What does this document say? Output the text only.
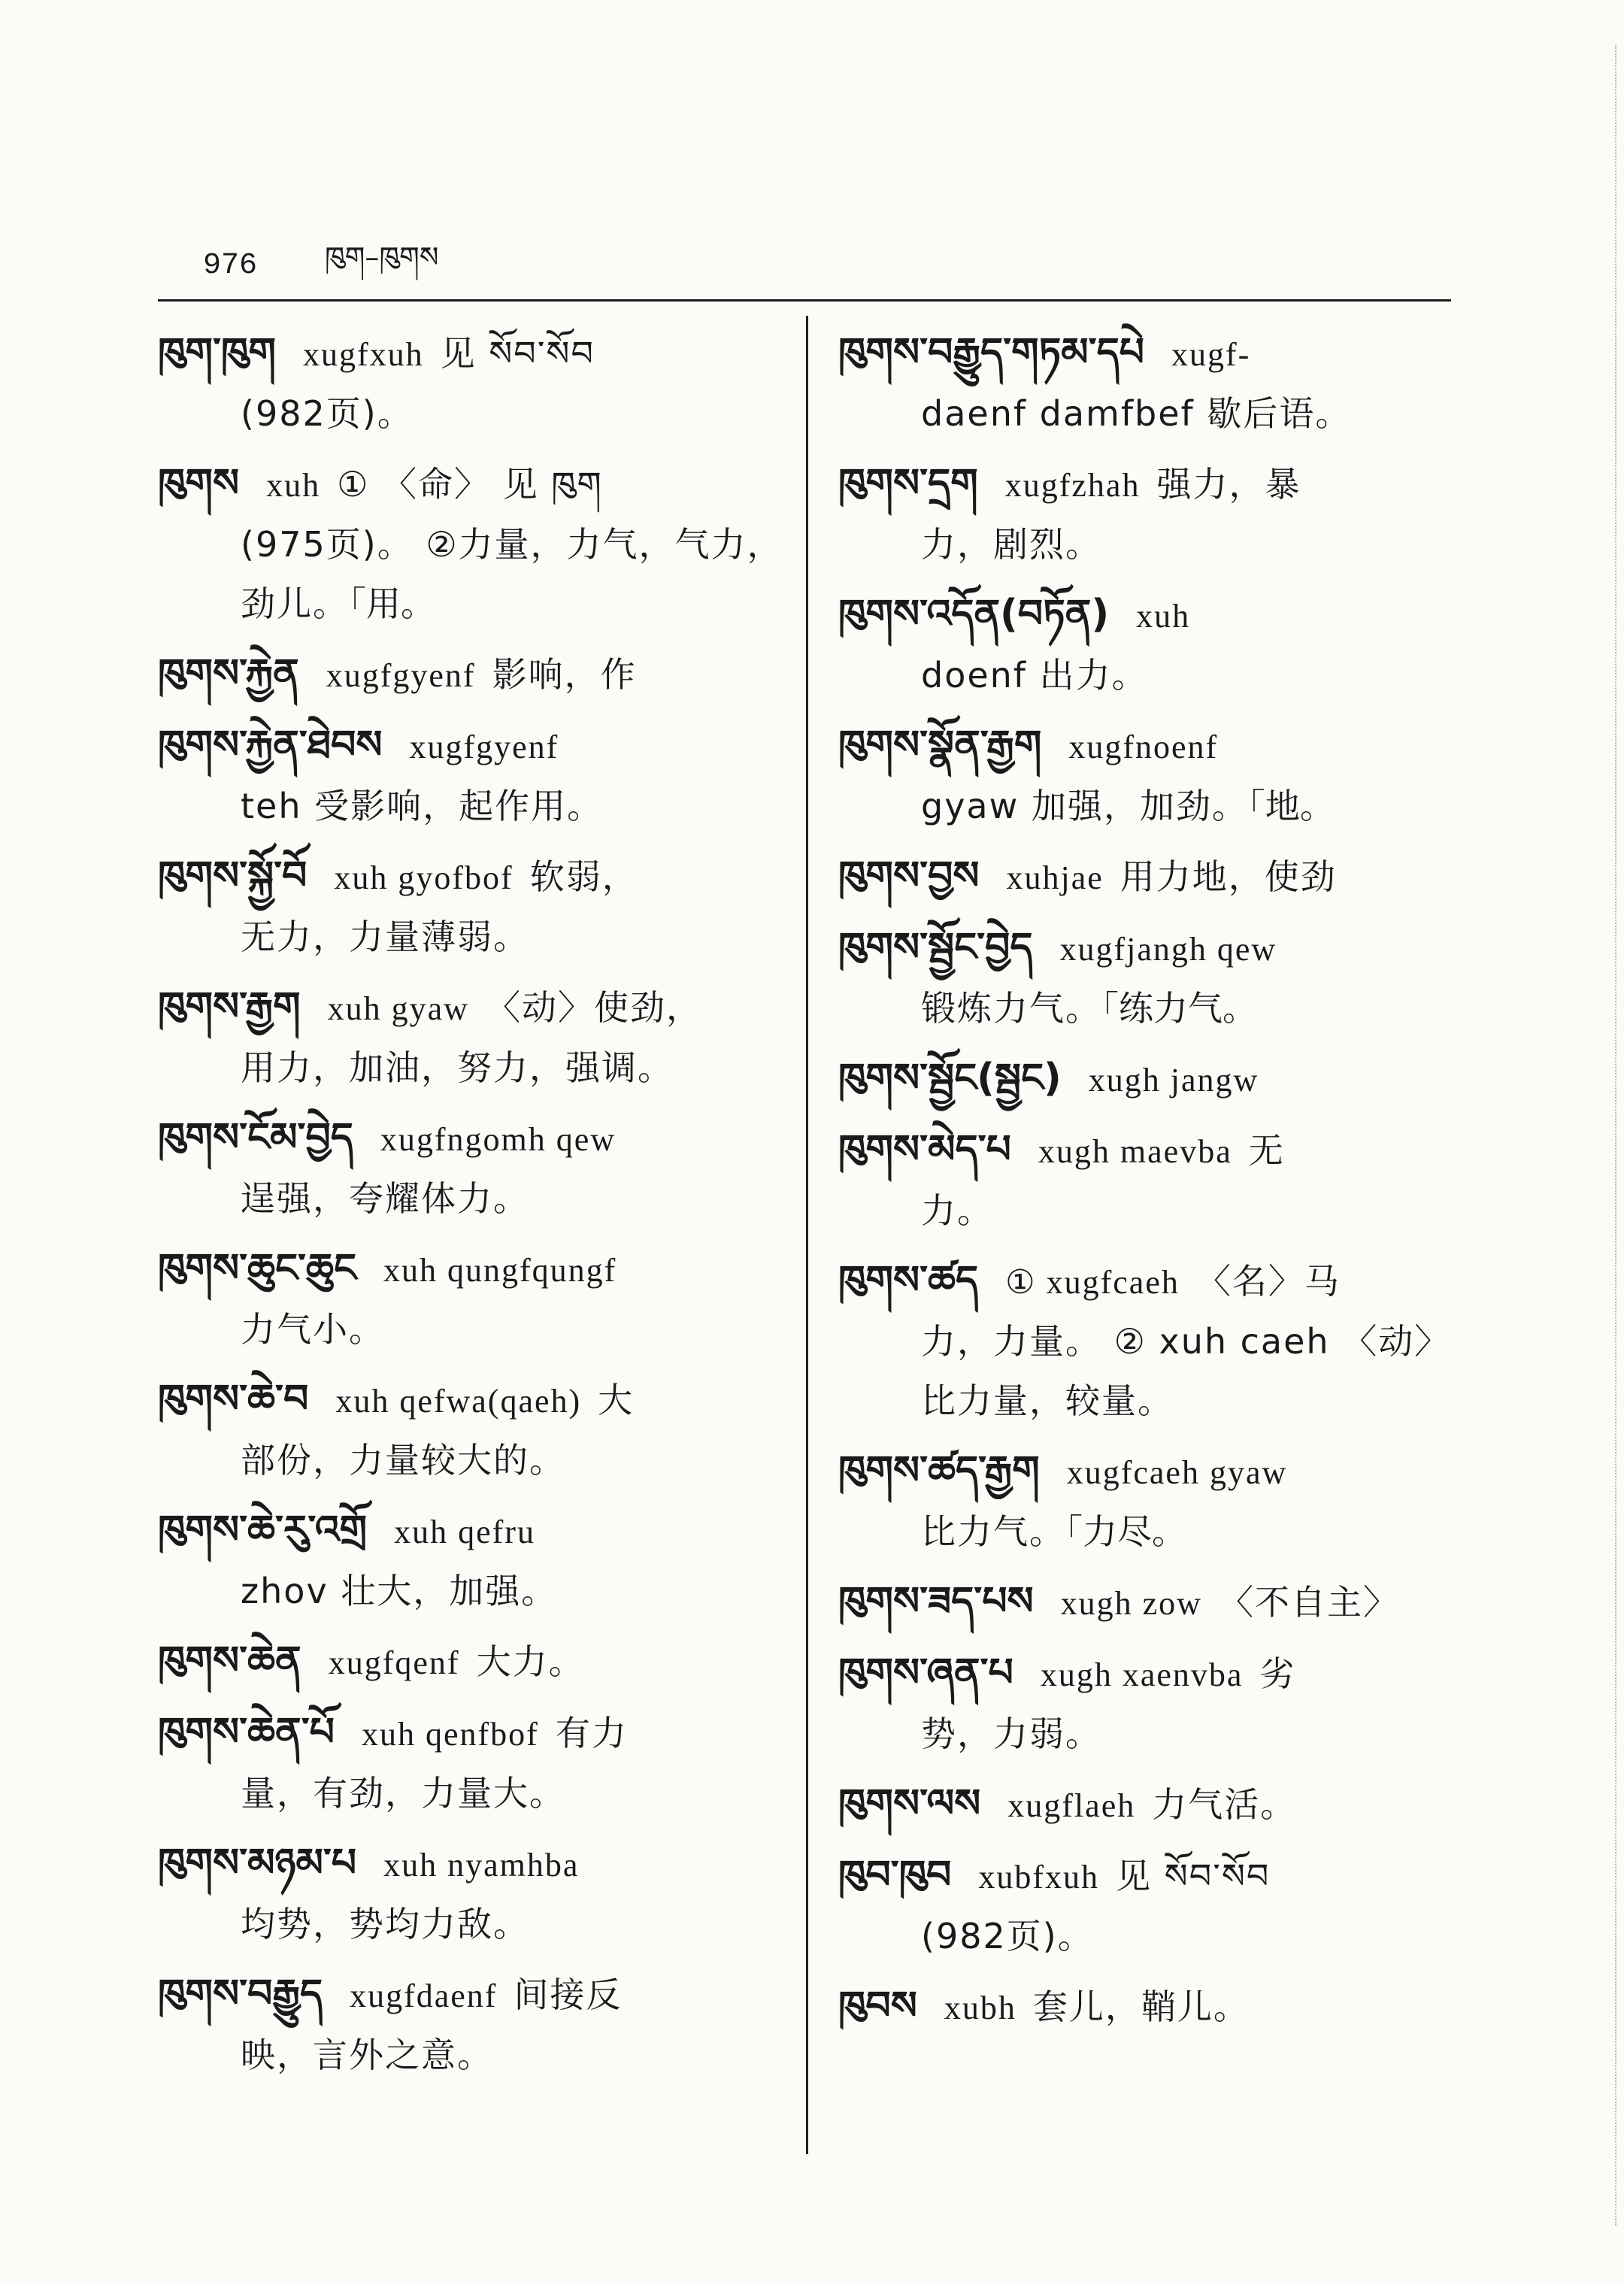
976 ཁུག–ཁུགས
ཁུག་ཁུག xugfxuh 见 སོབ་སོབ
(982页)。
ཁུགས xuh ① 〈命〉 见 ཁུག
(975页)。 ②力量，力气，气力，
劲儿。「用。
ཁུགས་རྐྱེན xugfgyenf 影响，作
ཁུགས་རྐྱེན་ཐེབས xugfgyenf
teh 受影响，起作用。
ཁུགས་སྐྱོ་བོ xuh gyofbof 软弱，
无力，力量薄弱。
ཁུགས་རྒྱག xuh gyaw 〈动〉使劲，
用力，加油，努力，强调。
ཁུགས་ངོམ་བྱེད xugfngomh qew
逞强，夸耀体力。
ཁུགས་ཆུང་ཆུང xuh qungfqungf
力气小。
ཁུགས་ཆེ་བ xuh qefwa(qaeh) 大
部份，力量较大的。
ཁུགས་ཆེ་རུ་འགྲོ xuh qefru
zhov 壮大，加强。
ཁུགས་ཆེན xugfqenf 大力。
ཁུགས་ཆེན་པོ xuh qenfbof 有力
量，有劲，力量大。
ཁུགས་མཉམ་པ xuh nyamhba
均势，势均力敌。
ཁུགས་བརྒྱུད xugfdaenf 间接反
映，言外之意。
ཁུགས་བརྒྱུད་གཏམ་དཔེ xugf-
daenf damfbef 歇后语。
ཁུགས་དྲག xugfzhah 强力，暴
力，剧烈。
ཁུགས་འདོན(བཏོན) xuh
doenf 出力。
ཁུགས་སྣོན་རྒྱག xugfnoenf
gyaw 加强，加劲。「地。
ཁུགས་བྱས xuhjae 用力地，使劲
ཁུགས་སྦྱོང་བྱེད xugfjangh qew
锻炼力气。「练力气。
ཁུགས་སྦྱོང(སྦྱང) xugh jangw
ཁུགས་མེད་པ xugh maevba 无
力。
ཁུགས་ཚད ① xugfcaeh 〈名〉马
力，力量。 ② xuh caeh 〈动〉
比力量，较量。
ཁུགས་ཚད་རྒྱག xugfcaeh gyaw
比力气。「力尽。
ཁུགས་ཟད་པས xugh zow 〈不自主〉
ཁུགས་ཞན་པ xugh xaenvba 劣
势，力弱。
ཁུགས་ལས xugflaeh 力气活。
ཁུབ་ཁུབ xubfxuh 见 སོབ་སོབ
(982页)。
ཁུབས xubh 套儿，鞘儿。
